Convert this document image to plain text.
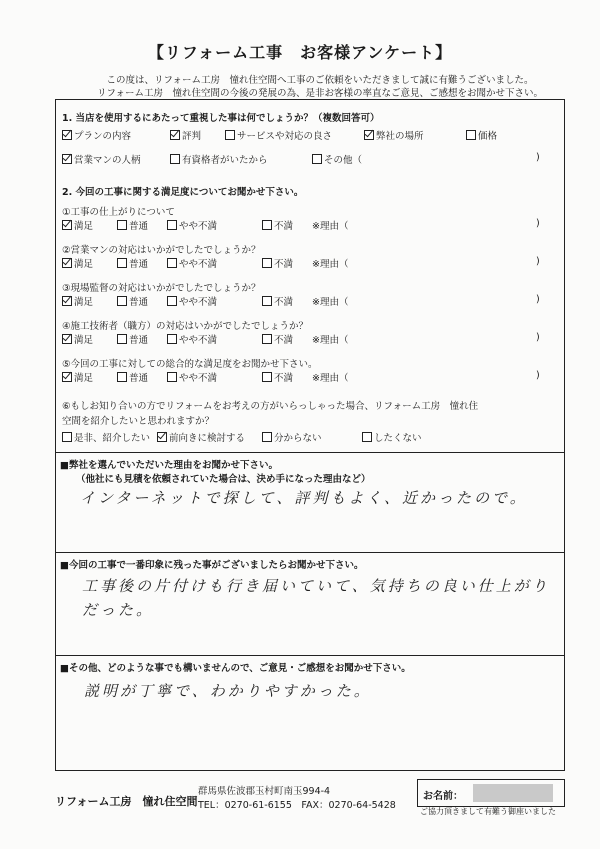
【リフォーム工事　お客様アンケート】
この度は、リフォーム工房　憧れ住空間へ工事のご依頼をいただきまして誠に有難うございました。
リフォーム工房　憧れ住空間の今後の発展の為、是非お客様の率直なご意見、ご感想をお聞かせ下さい。
1. 当店を使用するにあたって重視した事は何でしょうか？（複数回答可）
プランの内容	評判	サービスや対応の良さ	弊社の場所	価格
営業マンの人柄	有資格者がいたから	その他（	)
2. 今回の工事に関する満足度についてお聞かせ下さい。
①工事の仕上がりについて
満足	普通	やや不満	不満 ※理由（	)
②営業マンの対応はいかがでしたでしょうか？
満足	普通	やや不満	不満 ※理由（	)
③現場監督の対応はいかがでしたでしょうか？
満足	普通	やや不満	不満 ※理由（	)
④施工技術者（職方）の対応はいかがでしたでしょうか？
満足	普通	やや不満	不満 ※理由（	)
⑤今回の工事に対しての総合的な満足度をお聞かせ下さい。
満足	普通	やや不満	不満 ※理由（	)
⑥もしお知り合いの方でリフォームをお考えの方がいらっしゃった場合、リフォーム工房　憧れ住
空間を紹介したいと思われますか？
是非、紹介したい	前向きに検討する	分からない	したくない
■弊社を選んでいただいた理由をお聞かせ下さい。
（他社にも見積を依頼されていた場合は、決め手になった理由など）
インターネットで探して、評判もよく、近かったので。
■今回の工事で一番印象に残った事がございましたらお聞かせ下さい。
工事後の片付けも行き届いていて、気持ちの良い仕上がり
だった。
■その他、どのような事でも構いませんので、ご意見・ご感想をお聞かせ下さい。
説明が丁寧で、わかりやすかった。
リフォーム工房　憧れ住空間
群馬県佐波郡玉村町南玉994-4
TEL：0270-61-6155　FAX：0270-64-5428
お名前：
ご協力頂きまして有難う御座いました
